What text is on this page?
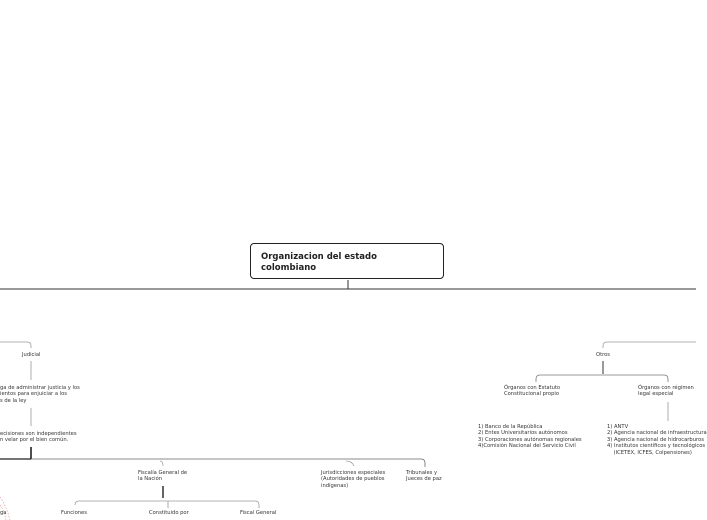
Organizacion del estado colombiano
Judicial
ga de administrar justicia y los
ientos para enjuiciar a los
s de la ley
ecisiones son independientes
n velar por el bien común.
Fiscalía General de
la Nación
Jurisdicciones especiales
(Autoridades de pueblos
indígenas)
Tribunales y
Jueces de paz
Funciones	Constituido por	Fiscal General
ga
Otros
Órganos con Estatuto
Constitucional propio
1) Banco de la República
2) Entes Universitarios autónomos
3) Corporaciones autónomas regionales
4)Comisión Nacional del Servicio Civil
Órganos con régimen
legal especial
1) ANTV
2) Agencia nacional de infraestructura
3) Agencia nacional de hidrocarburos
4) Institutos científicos y tecnológicos
(ICETEX, ICFES, Colpensiones)
